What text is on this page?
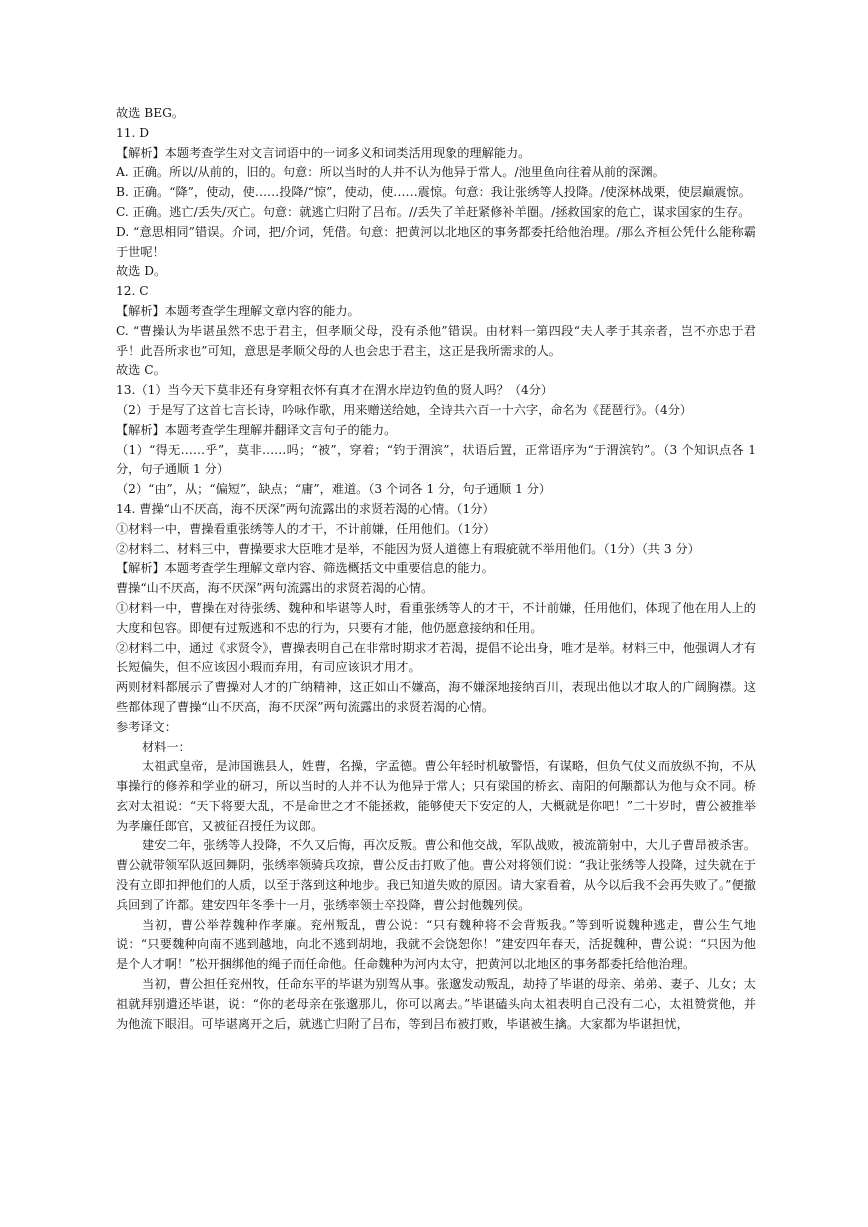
故选 BEG。
11. D
【解析】本题考查学生对文言词语中的一词多义和词类活用现象的理解能力。
A. 正确。所以/从前的，旧的。句意：所以当时的人并不认为他异于常人。/池里鱼向往着从前的深渊。
B. 正确。“降”，使动，使……投降/“惊”，使动，使……震惊。句意：我让张绣等人投降。/使深林战栗，使层巅震惊。
C. 正确。逃亡/丢失/灭亡。句意：就逃亡归附了吕布。//丢失了羊赶紧修补羊圈。/拯救国家的危亡，谋求国家的生存。
D. “意思相同”错误。介词，把/介词，凭借。句意：把黄河以北地区的事务都委托给他治理。/那么齐桓公凭什么能称霸于世呢！
故选 D。
12. C
【解析】本题考查学生理解文章内容的能力。
C. “曹操认为毕谌虽然不忠于君主，但孝顺父母，没有杀他”错误。由材料一第四段“夫人孝于其亲者，岂不亦忠于君乎！此吾所求也”可知，意思是孝顺父母的人也会忠于君主，这正是我所需求的人。
故选 C。
13.（1）当今天下莫非还有身穿粗衣怀有真才在渭水岸边钓鱼的贤人吗？（4分）
（2）于是写了这首七言长诗，吟咏作歌，用来赠送给她，全诗共六百一十六字，命名为《琵琶行》。（4分）
【解析】本题考查学生理解并翻译文言句子的能力。
（1）“得无……乎”，莫非……吗；“被”，穿着；“钓于渭滨”，状语后置，正常语序为“于渭滨钓”。（3 个知识点各 1 分，句子通顺 1 分）
（2）“由”，从；“偏短”，缺点；“庸”，难道。（3 个词各 1 分，句子通顺 1 分）
14. 曹操“山不厌高，海不厌深”两句流露出的求贤若渴的心情。（1分）
①材料一中，曹操看重张绣等人的才干，不计前嫌，任用他们。（1分）
②材料二、材料三中，曹操要求大臣唯才是举，不能因为贤人道德上有瑕疵就不举用他们。（1分）（共 3 分）
【解析】本题考查学生理解文章内容、筛选概括文中重要信息的能力。
曹操“山不厌高，海不厌深”两句流露出的求贤若渴的心情。
①材料一中，曹操在对待张绣、魏种和毕谌等人时，看重张绣等人的才干，不计前嫌，任用他们，体现了他在用人上的大度和包容。即便有过叛逃和不忠的行为，只要有才能，他仍愿意接纳和任用。
②材料二中，通过《求贤令》，曹操表明自己在非常时期求才若渴，提倡不论出身，唯才是举。材料三中，他强调人才有长短偏失，但不应该因小瑕而弃用，有司应该识才用才。
两则材料都展示了曹操对人才的广纳精神，这正如山不嫌高，海不嫌深地接纳百川，表现出他以才取人的广阔胸襟。这些都体现了曹操“山不厌高，海不厌深”两句流露出的求贤若渴的心情。
参考译文：
材料一：
太祖武皇帝，是沛国谯县人，姓曹，名操，字孟德。曹公年轻时机敏警悟，有谋略，但负气仗义而放纵不拘，不从事操行的修养和学业的研习，所以当时的人并不认为他异于常人；只有梁国的桥玄、南阳的何颙都认为他与众不同。桥玄对太祖说：“天下将要大乱，不是命世之才不能拯救，能够使天下安定的人，大概就是你吧！”二十岁时，曹公被推举为孝廉任郎官，又被征召授任为议郎。
建安二年，张绣等人投降，不久又后悔，再次反叛。曹公和他交战，军队战败，被流箭射中，大儿子曹昂被杀害。曹公就带领军队返回舞阴，张绣率领骑兵攻掠，曹公反击打败了他。曹公对将领们说：“我让张绣等人投降，过失就在于没有立即扣押他们的人质，以至于落到这种地步。我已知道失败的原因。请大家看着，从今以后我不会再失败了。”便撤兵回到了许都。建安四年冬季十一月，张绣率领士卒投降，曹公封他魏列侯。
当初，曹公举荐魏种作孝廉。兖州叛乱，曹公说：“只有魏种将不会背叛我。”等到听说魏种逃走，曹公生气地说：“只要魏种向南不逃到越地，向北不逃到胡地，我就不会饶恕你！”建安四年春天，活捉魏种，曹公说：“只因为他是个人才啊！”松开捆绑他的绳子而任命他。任命魏种为河内太守，把黄河以北地区的事务都委托给他治理。
当初，曹公担任兖州牧，任命东平的毕谌为别驾从事。张邈发动叛乱，劫持了毕谌的母亲、弟弟、妻子、儿女；太祖就拜别遣还毕谌，说：“你的老母亲在张邈那儿，你可以离去。”毕谌磕头向太祖表明自己没有二心，太祖赞赏他，并为他流下眼泪。可毕谌离开之后，就逃亡归附了吕布，等到吕布被打败，毕谌被生擒。大家都为毕谌担忧，
